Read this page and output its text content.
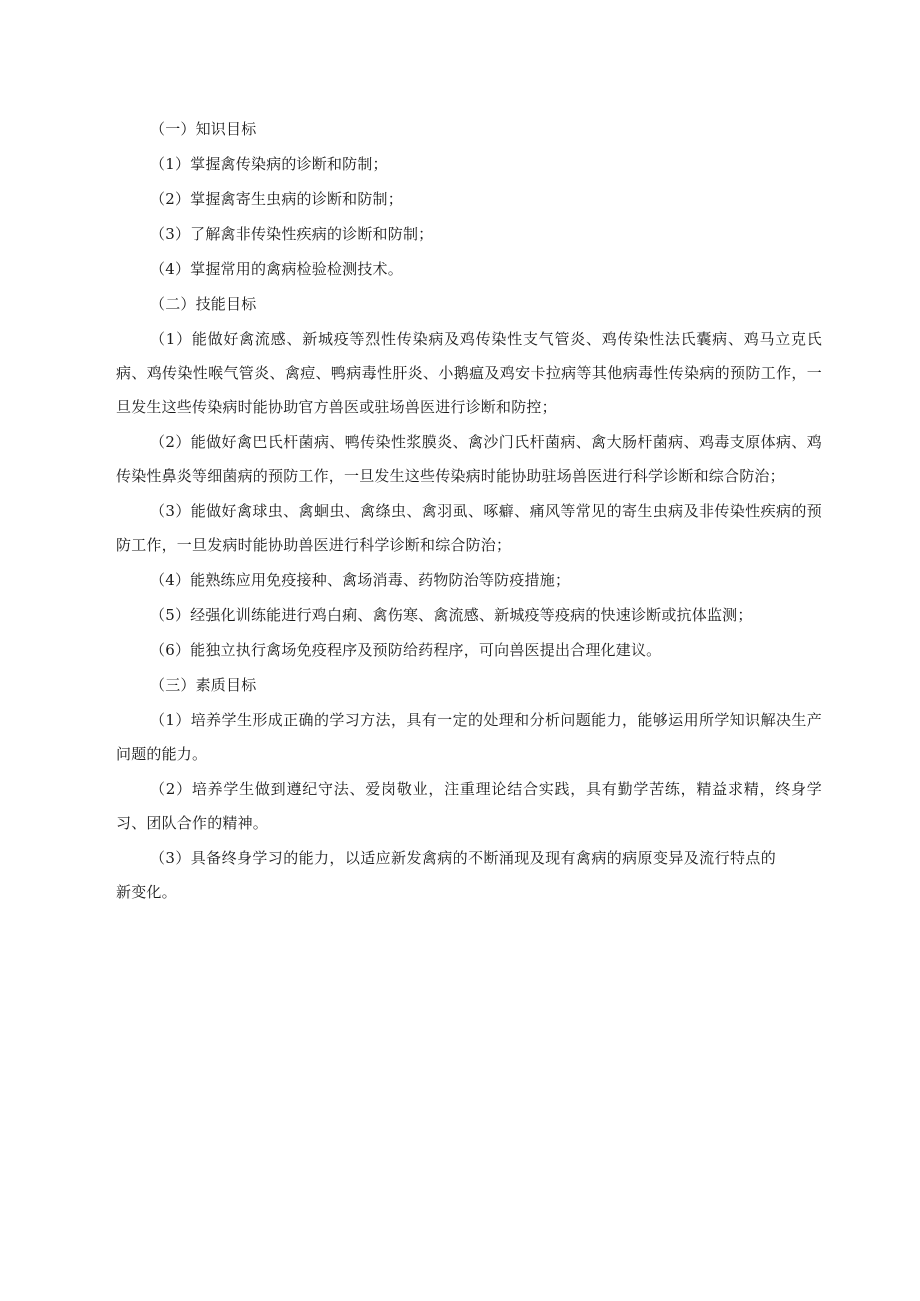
（一）知识目标

（1）掌握禽传染病的诊断和防制；

（2）掌握禽寄生虫病的诊断和防制；

（3）了解禽非传染性疾病的诊断和防制；

（4）掌握常用的禽病检验检测技术。

（二）技能目标

（1）能做好禽流感、新城疫等烈性传染病及鸡传染性支气管炎、鸡传染性法氏囊病、鸡马立克氏病、鸡传染性喉气管炎、禽痘、鸭病毒性肝炎、小鹅瘟及鸡安卡拉病等其他病毒性传染病的预防工作，一旦发生这些传染病时能协助官方兽医或驻场兽医进行诊断和防控；

（2）能做好禽巴氏杆菌病、鸭传染性浆膜炎、禽沙门氏杆菌病、禽大肠杆菌病、鸡毒支原体病、鸡传染性鼻炎等细菌病的预防工作，一旦发生这些传染病时能协助驻场兽医进行科学诊断和综合防治；

（3）能做好禽球虫、禽蛔虫、禽绦虫、禽羽虱、啄癖、痛风等常见的寄生虫病及非传染性疾病的预防工作，一旦发病时能协助兽医进行科学诊断和综合防治；

（4）能熟练应用免疫接种、禽场消毒、药物防治等防疫措施；

（5）经强化训练能进行鸡白痢、禽伤寒、禽流感、新城疫等疫病的快速诊断或抗体监测；

（6）能独立执行禽场免疫程序及预防给药程序，可向兽医提出合理化建议。

（三）素质目标

（1）培养学生形成正确的学习方法，具有一定的处理和分析问题能力，能够运用所学知识解决生产问题的能力。

（2）培养学生做到遵纪守法、爱岗敬业，注重理论结合实践，具有勤学苦练，精益求精，终身学习、团队合作的精神。

（3）具备终身学习的能力，以适应新发禽病的不断涌现及现有禽病的病原变异及流行特点的新变化。
